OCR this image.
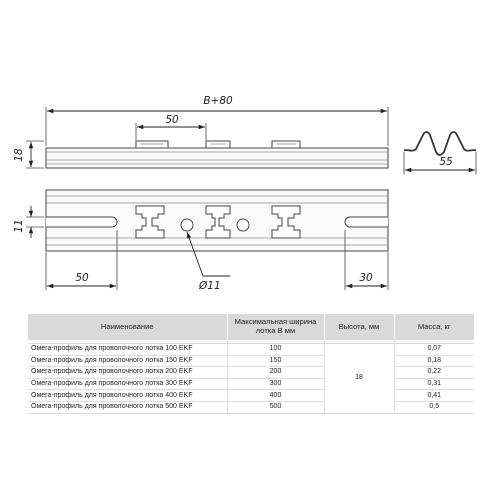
B+80
50
18
55
11
50
Ø11
30
Наименование	Максимальная ширина лотка В мм	Высота, мм	Масса, кг

Омега-профиль для проволочного лотка 100 EKF	100	18	0,07
Омега-профиль для проволочного лотка 150 EKF	150		0,18
Омега-профиль для проволочного лотка 200 EKF	200		0,22
Омега-профиль для проволочного лотка 300 EKF	300		0,31
Омега-профиль для проволочного лотка 400 EKF	400		0,41
Омега-профиль для проволочного лотка 500 EKF	500		0,5
